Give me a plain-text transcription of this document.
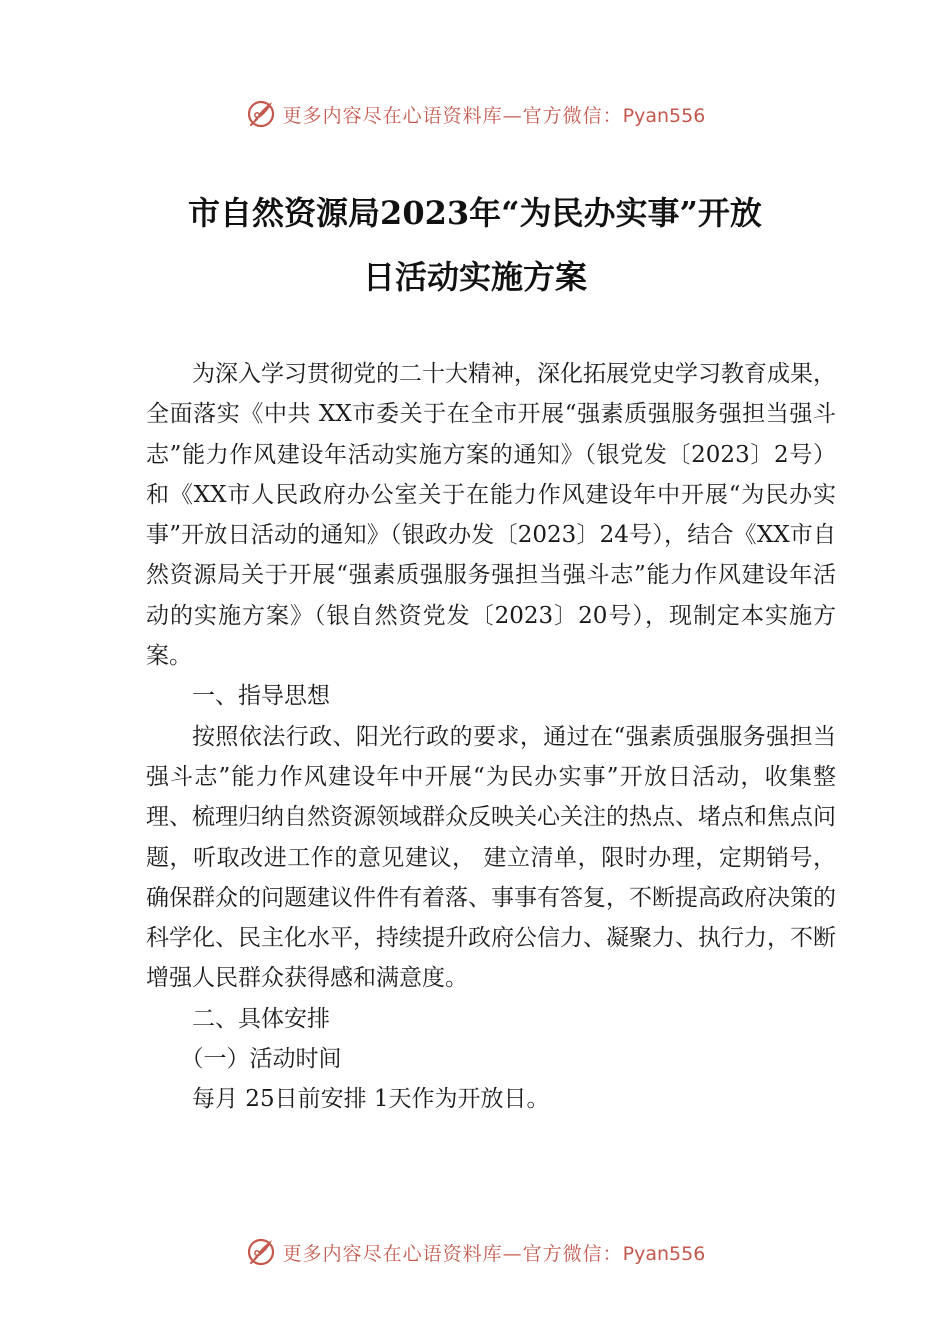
更多内容尽在心语资料库—官方微信：Pyan556
市自然资源局2023年“为民办实事”开放
日活动实施方案

为深入学习贯彻党的二十大精神，深化拓展党史学习教育成果，全面落实《中共 XX市委关于在全市开展“强素质强服务强担当强斗志”能力作风建设年活动实施方案的通知》（银党发〔2023〕2号）和《XX市人民政府办公室关于在能力作风建设年中开展“为民办实事”开放日活动的通知》（银政办发〔2023〕24号），结合《XX市自然资源局关于开展“强素质强服务强担当强斗志”能力作风建设年活动的实施方案》（银自然资党发〔2023〕20号），现制定本实施方案。

一、指导思想

按照依法行政、阳光行政的要求，通过在“强素质强服务强担当强斗志”能力作风建设年中开展“为民办实事”开放日活动，收集整理、梳理归纳自然资源领域群众反映关心关注的热点、堵点和焦点问题，听取改进工作的意见建议， 建立清单，限时办理，定期销号，确保群众的问题建议件件有着落、事事有答复，不断提高政府决策的科学化、民主化水平，持续提升政府公信力、凝聚力、执行力，不断增强人民群众获得感和满意度。

二、具体安排

（一）活动时间

每月 25日前安排 1天作为开放日。

更多内容尽在心语资料库—官方微信：Pyan556
